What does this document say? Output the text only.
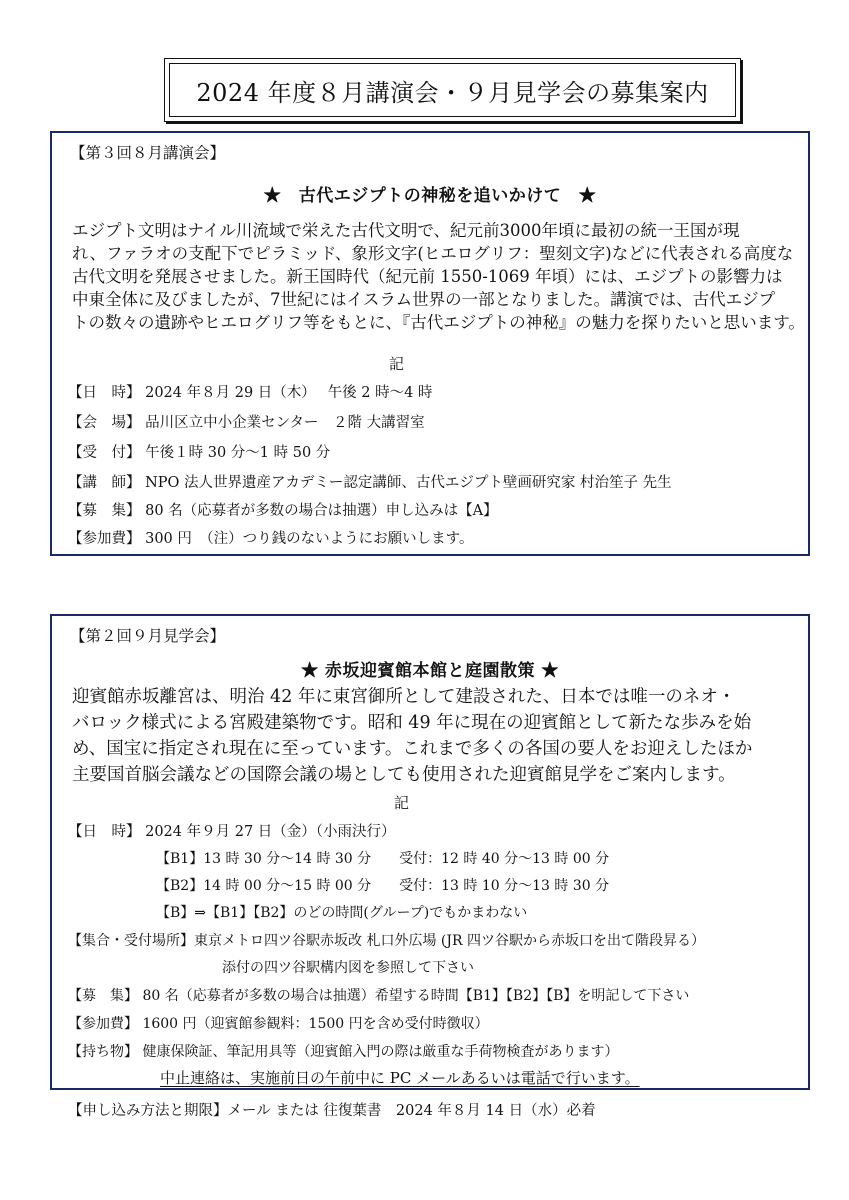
2024 年度８月講演会・９月見学会の募集案内
【第３回８月講演会】
★　古代エジプトの神秘を追いかけて　★
エジプト文明はナイル川流域で栄えた古代文明で、紀元前3000年頃に最初の統一王国が現
れ、ファラオの支配下でピラミッド、象形文字(ヒエログリフ：聖刻文字)などに代表される高度な
古代文明を発展させました。新王国時代（紀元前 1550-1069 年頃）には、エジプトの影響力は
中東全体に及びましたが、7世紀にはイスラム世界の一部となりました。講演では、古代エジプ
トの数々の遺跡やヒエログリフ等をもとに、『古代エジプトの神秘』の魅力を探りたいと思います。
記
【日　時】 2024 年８月 29 日（木）　 午後 2 時～4 時
【会　場】 品川区立中小企業センター　２階 大講習室
【受　付】 午後１時 30 分～1 時 50 分
【講　師】 NPO 法人世界遺産アカデミー認定講師、古代エジプト壁画研究家 村治笙子 先生
【募　集】 80 名（応募者が多数の場合は抽選）申し込みは【A】
【参加費】 300 円　（注）つり銭のないようにお願いします。
【第２回９月見学会】
★ 赤坂迎賓館本館と庭園散策 ★
迎賓館赤坂離宮は、明治 42 年に東宮御所として建設された、日本では唯一のネオ・
バロック様式による宮殿建築物です。昭和 49 年に現在の迎賓館として新たな歩みを始
め、国宝に指定され現在に至っています。これまで多くの各国の要人をお迎えしたほか
主要国首脳会議などの国際会議の場としても使用された迎賓館見学をご案内します。
記
【日　時】 2024 年９月 27 日（金）（小雨決行）
【B1】13 時 30 分～14 時 30 分　　受付：12 時 40 分～13 時 00 分
【B2】14 時 00 分～15 時 00 分　　受付：13 時 10 分～13 時 30 分
【B】⇒【B1】【B2】のどの時間(グループ)でもかまわない
【集合・受付場所】東京メトロ四ツ谷駅赤坂改 札口外広場 (JR 四ツ谷駅から赤坂口を出て階段昇る）
添付の四ツ谷駅構内図を参照して下さい
【募　集】 80 名（応募者が多数の場合は抽選）希望する時間【B1】【B2】【B】を明記して下さい
【参加費】 1600 円（迎賓館参観料：1500 円を含め受付時徴収）
【持ち物】 健康保険証、筆記用具等（迎賓館入門の際は厳重な手荷物検査があります）
中止連絡は、実施前日の午前中に PC メールあるいは電話で行います。
【申し込み方法と期限】メール または 往復葉書　2024 年８月 14 日（水）必着
